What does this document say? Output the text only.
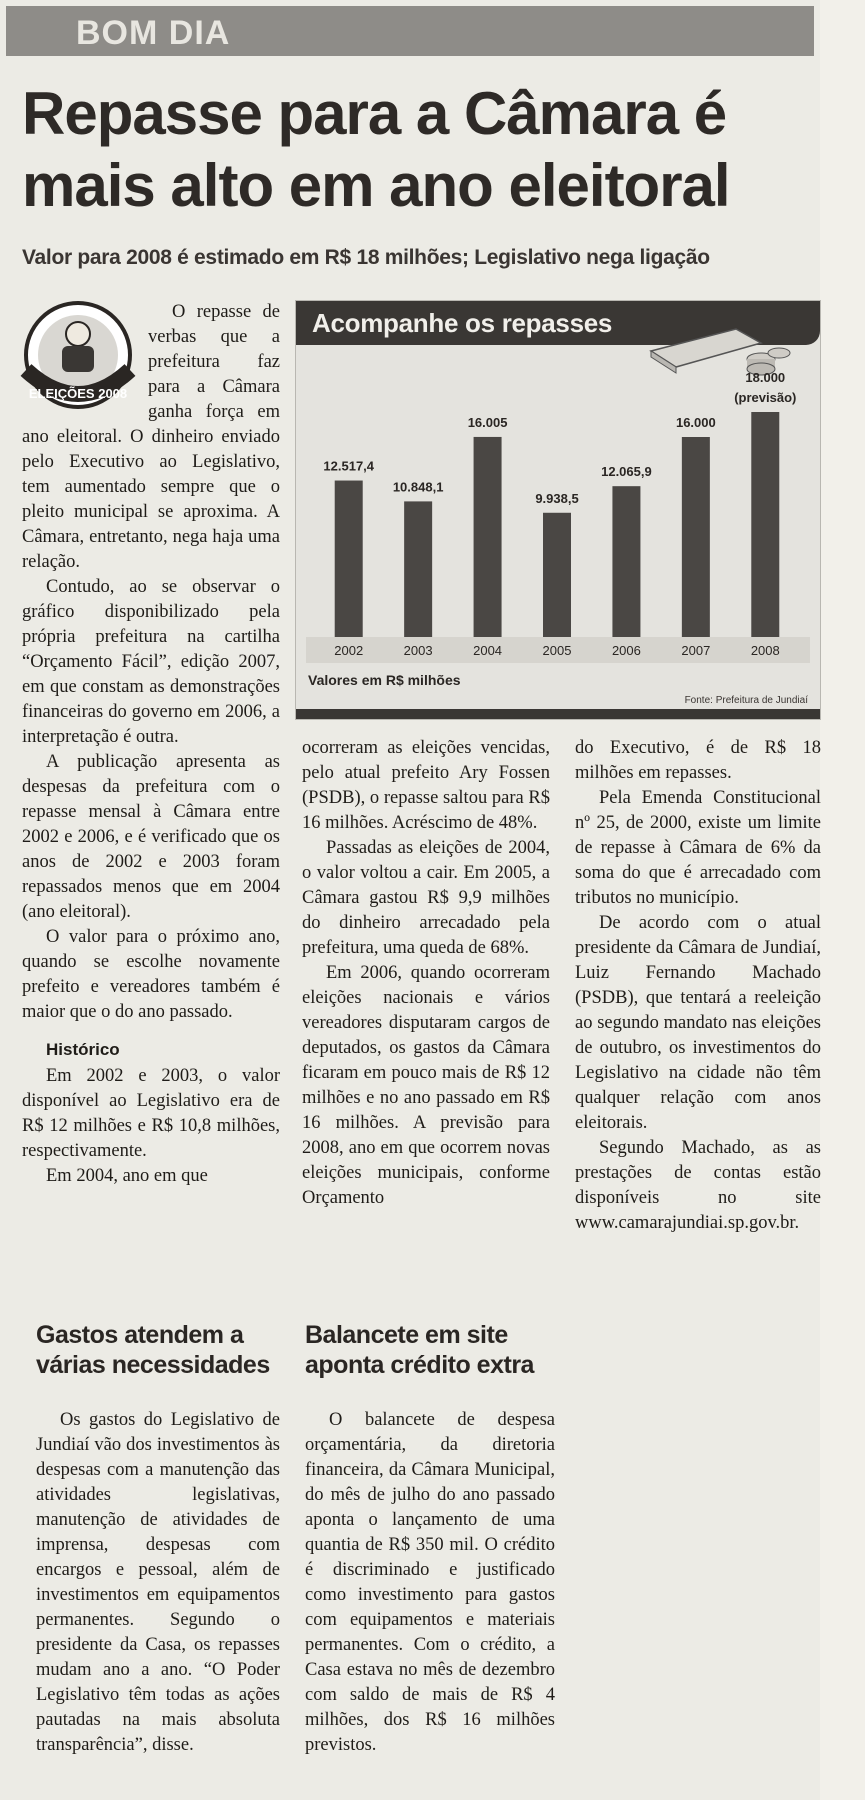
BOM DIA
Repasse para a Câmara é mais alto em ano eleitoral
Valor para 2008 é estimado em R$ 18 milhões; Legislativo nega ligação
ELEIÇÕES 2008

O repasse de verbas que a prefeitura faz para a Câmara ganha força em ano eleitoral. O dinheiro enviado pelo Executivo ao Legislativo, tem aumentado sempre que o pleito municipal se aproxima. A Câmara, entretanto, nega haja uma relação.

Contudo, ao se observar o gráfico disponibilizado pela própria prefeitura na cartilha “Orçamento Fácil”, edição 2007, em que constam as demonstrações financeiras do governo em 2006, a interpretação é outra.

A publicação apresenta as despesas da prefeitura com o repasse mensal à Câmara entre 2002 e 2006, e é verificado que os anos de 2002 e 2003 foram repassados menos que em 2004 (ano eleitoral).

O valor para o próximo ano, quando se escolhe novamente prefeito e vereadores também é maior que o do ano passado.

Histórico

Em 2002 e 2003, o valor disponível ao Legislativo era de R$ 12 milhões e R$ 10,8 milhões, respectivamente.

Em 2004, ano em que

Acompanhe os repasses
12.517,4
2002
10.848,1
2003
16.005
2004
9.938,5
2005
12.065,9
2006
16.000
2007
18.000
2008
(previsão)
Valores em R$ milhões
Fonte: Prefeitura de Jundiaí

ocorreram as eleições vencidas, pelo atual prefeito Ary Fossen (PSDB), o repasse saltou para R$ 16 milhões. Acréscimo de 48%.

Passadas as eleições de 2004, o valor voltou a cair. Em 2005, a Câmara gastou R$ 9,9 milhões do dinheiro arrecadado pela prefeitura, uma queda de 68%.

Em 2006, quando ocorreram eleições nacionais e vários vereadores disputaram cargos de deputados, os gastos da Câmara ficaram em pouco mais de R$ 12 milhões e no ano passado em R$ 16 milhões. A previsão para 2008, ano em que ocorrem novas eleições municipais, conforme Orçamento

do Executivo, é de R$ 18 milhões em repasses.

Pela Emenda Constitucional nº 25, de 2000, existe um limite de repasse à Câmara de 6% da soma do que é arrecadado com tributos no município.

De acordo com o atual presidente da Câmara de Jundiaí, Luiz Fernando Machado (PSDB), que tentará a reeleição ao segundo mandato nas eleições de outubro, os investimentos do Legislativo na cidade não têm qualquer relação com anos eleitorais.

Segundo Machado, as as prestações de contas estão disponíveis no site www.camarajundiai.sp.gov.br.

Gastos atendem a várias necessidades

Os gastos do Legislativo de Jundiaí vão dos investimentos às despesas com a manutenção das atividades legislativas, manutenção de atividades de imprensa, despesas com encargos e pessoal, além de investimentos em equipamentos permanentes. Segundo o presidente da Casa, os repasses mudam ano a ano. “O Poder Legislativo têm todas as ações pautadas na mais absoluta transparência”, disse.

Balancete em site aponta crédito extra

O balancete de despesa orçamentária, da diretoria financeira, da Câmara Municipal, do mês de julho do ano passado aponta o lançamento de uma quantia de R$ 350 mil. O crédito é discriminado e justificado como investimento para gastos com equipamentos e materiais permanentes. Com o crédito, a Casa estava no mês de dezembro com saldo de mais de R$ 4 milhões, dos R$ 16 milhões previstos.
